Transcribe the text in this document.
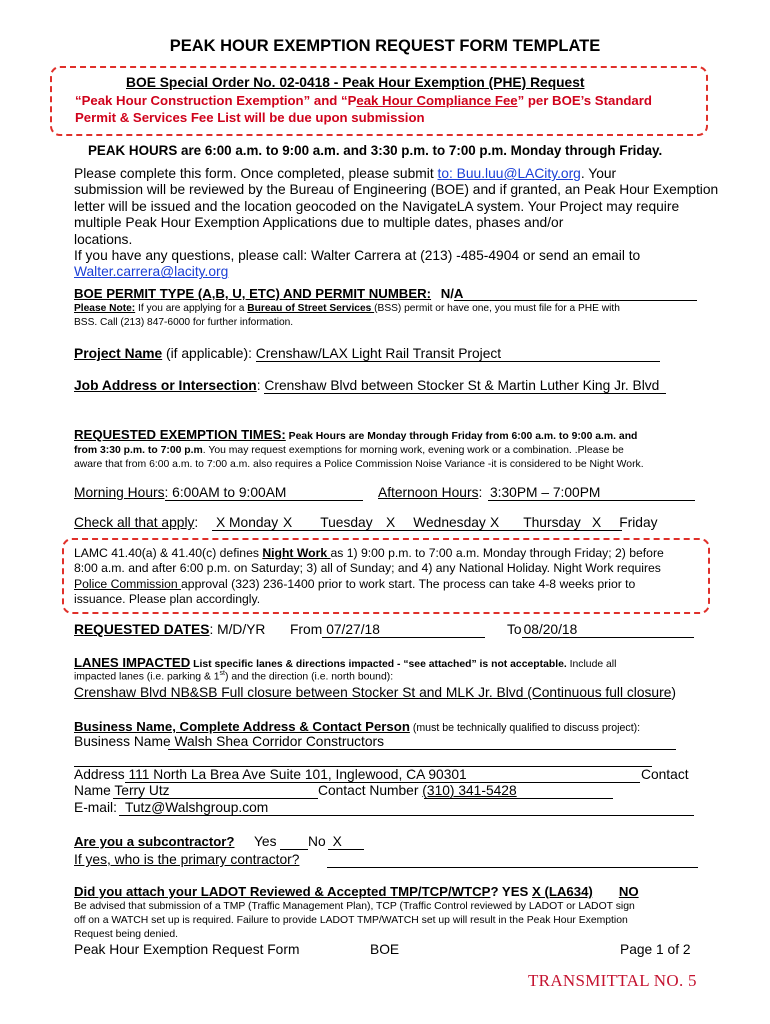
PEAK HOUR EXEMPTION REQUEST FORM TEMPLATE
BOE Special Order No. 02-0418 - Peak Hour Exemption (PHE) Request
“Peak Hour Construction Exemption” and “Peak Hour Compliance Fee” per BOE’s Standard
Permit & Services Fee List will be due upon submission
PEAK HOURS are 6:00 a.m. to 9:00 a.m. and 3:30 p.m. to 7:00 p.m. Monday through Friday.
Please complete this form. Once completed, please submit to: Buu.luu@LACity.org. Your
submission will be reviewed by the Bureau of Engineering (BOE) and if granted, an Peak Hour Exemption
letter will be issued and the location geocoded on the NavigateLA system. Your Project may require
multiple Peak Hour Exemption Applications due to multiple dates, phases and/or
locations.
If you have any questions, please call: Walter Carrera at (213) -485-4904 or send an email to
Walter.carrera@lacity.org
BOE PERMIT TYPE (A,B, U, ETC) AND PERMIT NUMBER: N/A
Please Note: If you are applying for a Bureau of Street Services (BSS) permit or have one, you must file for a PHE with
BSS. Call (213) 847-6000 for further information.
Project Name (if applicable): Crenshaw/LAX Light Rail Transit Project
Job Address or Intersection: Crenshaw Blvd between Stocker St & Martin Luther King Jr. Blvd
REQUESTED EXEMPTION TIMES: Peak Hours are Monday through Friday from 6:00 a.m. to 9:00 a.m. and
from 3:30 p.m. to 7:00 p.m. You may request exemptions for morning work, evening work or a combination. .Please be
aware that from 6:00 a.m. to 7:00 a.m. also requires a Police Commission Noise Variance -it is considered to be Night Work.
Morning Hours: 6:00AM to 9:00AM	Afternoon Hours:  3:30PM – 7:00PM
Check all that apply: X Monday X Tuesday X Wednesday X Thursday X Friday
LAMC 41.40(a) & 41.40(c) defines Night Work as 1) 9:00 p.m. to 7:00 a.m. Monday through Friday; 2) before
8:00 a.m. and after 6:00 p.m. on Saturday; 3) all of Sunday; and 4) any National Holiday. Night Work requires
Police Commission approval (323) 236-1400 prior to work start. The process can take 4-8 weeks prior to
issuance. Please plan accordingly.
REQUESTED DATES: M/D/YR From 07/27/18	To 08/20/18
LANES IMPACTED List specific lanes & directions impacted - “see attached” is not acceptable. Include all
impacted lanes (i.e. parking & 1st) and the direction (i.e. north bound):
Crenshaw Blvd NB&SB Full closure between Stocker St and MLK Jr. Blvd (Continuous full closure)
Business Name, Complete Address & Contact Person (must be technically qualified to discuss project):
Business Name Walsh Shea Corridor Constructors
Address 111 North La Brea Ave Suite 101, Inglewood, CA 90301	Contact
Name Terry Utz	Contact Number (310) 341-5428
E-mail: Tutz@Walshgroup.com
Are you a subcontractor? Yes No X
If yes, who is the primary contractor?
Did you attach your LADOT Reviewed & Accepted TMP/TCP/WTCP? YES X (LA634) NO
Be advised that submission of a TMP (Traffic Management Plan), TCP (Traffic Control reviewed by LADOT or LADOT sign
off on a WATCH set up is required. Failure to provide LADOT TMP/WATCH set up will result in the Peak Hour Exemption
Request being denied.
Peak Hour Exemption Request Form	BOE	Page 1 of 2
TRANSMITTAL NO. 5
